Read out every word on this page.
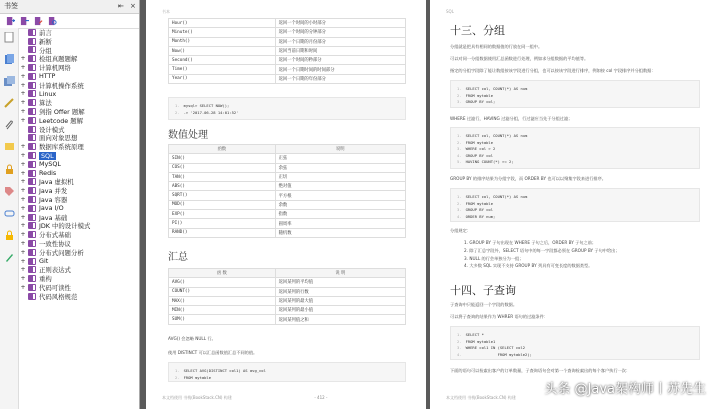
书签	⇤ ×
前言
新断
分组
+ 检组真题题解
+ 计算机网络
+ HTTP
+ 计算机操作系统
+ Linux
+ 算法
+ 剑指 Offer 题解
+ Leetcode 题解
设计模式
面向对象思想
+ 数据库系统原理
+	SQL
+ MySQL
+ Redis
+ Java 虚拟机
+ Java 并发
+ Java 容器
+ Java I/O
+ Java 基础
+ JDK 中的设计模式
+ 分布式基础
+ 一致性协议
+ 分布式问题分析
+ Git
+ 正则表达式
+ 重构
+ 代码可读性
代码风格规范
书本
Hour()	返回一个时间的小时部分
Minute()	返回一个时间的分钟部分
Month()	返回一个日期的月份部分
Now()	返回当前日期和时间
Second()	返回一个时间的秒部分
Time()	返回一个日期时间的时间部分
Year()	返回一个日期的年份部分
1. mysql> SELECT NOW();
2. -> '2017-06-28 14:01:52'
数值处理
函数	说明
SIN()	正弦
COS()	余弦
TAN()	正切
ABS()	绝对值
SQRT()	平方根
MOD()	余数
EXP()	指数
PI()	圆周率
RAND()	随机数
汇总
函 数	说 明
AVG()	返回某列的平均值
COUNT()	返回某列的行数
MAX()	返回某列的最大值
MIN()	返回某列的最小值
SUM()	返回某列值之和
AVG() 会忽略 NULL 行。
使用 DISTINCT 可以汇总函数值汇总不同的值。
1. SELECT AVG(DISTINCT col1) AS avg_col
2. FROM mytable
本文档使用 书栈(BookStack.CN) 构建	- 412 -
SQL
十三、分组
分组就是把具有相同的数据值的行放在同一组中。
可以对同一分组数据使用汇总函数进行处理，例如求分组数据的平均值等。
指定的分组字段除了能让数组按该字段进行分组，也可以按该字段进行排序，例如按 col 字段排序并分组数据：
1. SELECT col, COUNT(*) AS num
2. FROM mytable
3. GROUP BY col;
WHERE 过滤行，HAVING 过滤分组，行过滤应当先于分组过滤；
1. SELECT col, COUNT(*) AS num
2. FROM mytable
3. WHERE col > 2
4. GROUP BY col
5. HAVING COUNT(*) >= 2;
GROUP BY 的排序结果为分组字段，而 ORDER BY 也可以以聚集字段来进行排序。
1. SELECT col, COUNT(*) AS num
2. FROM mytable
3. GROUP BY col
4. ORDER BY num;
分组规定：
1. GROUP BY 子句出现在 WHERE 子句之后，ORDER BY 子句之前；
2. 除了汇总字段外，SELECT 语句中的每一字段都必须在 GROUP BY 子句中给出；
3. NULL 的行会单独分为一组；
4. 大多数 SQL 实现不支持 GROUP BY 列具有可变长度的数据类型。
十四、子查询
子查询中只能返回一个字段的数据。
可以将子查询的结果作为 WHRER 语句的过滤条件：
1. SELECT *
2. FROM mytable1
3. WHERE col1 IN (SELECT col2
4.              FROM mytable2);
下面的语句可以检索出客户的订单数量，子查询语句会对第一个查询检索出的每个客户执行一次：
本文档使用 书栈(BookStack.CN) 构建
头条 @Java架构师丨苏先生
